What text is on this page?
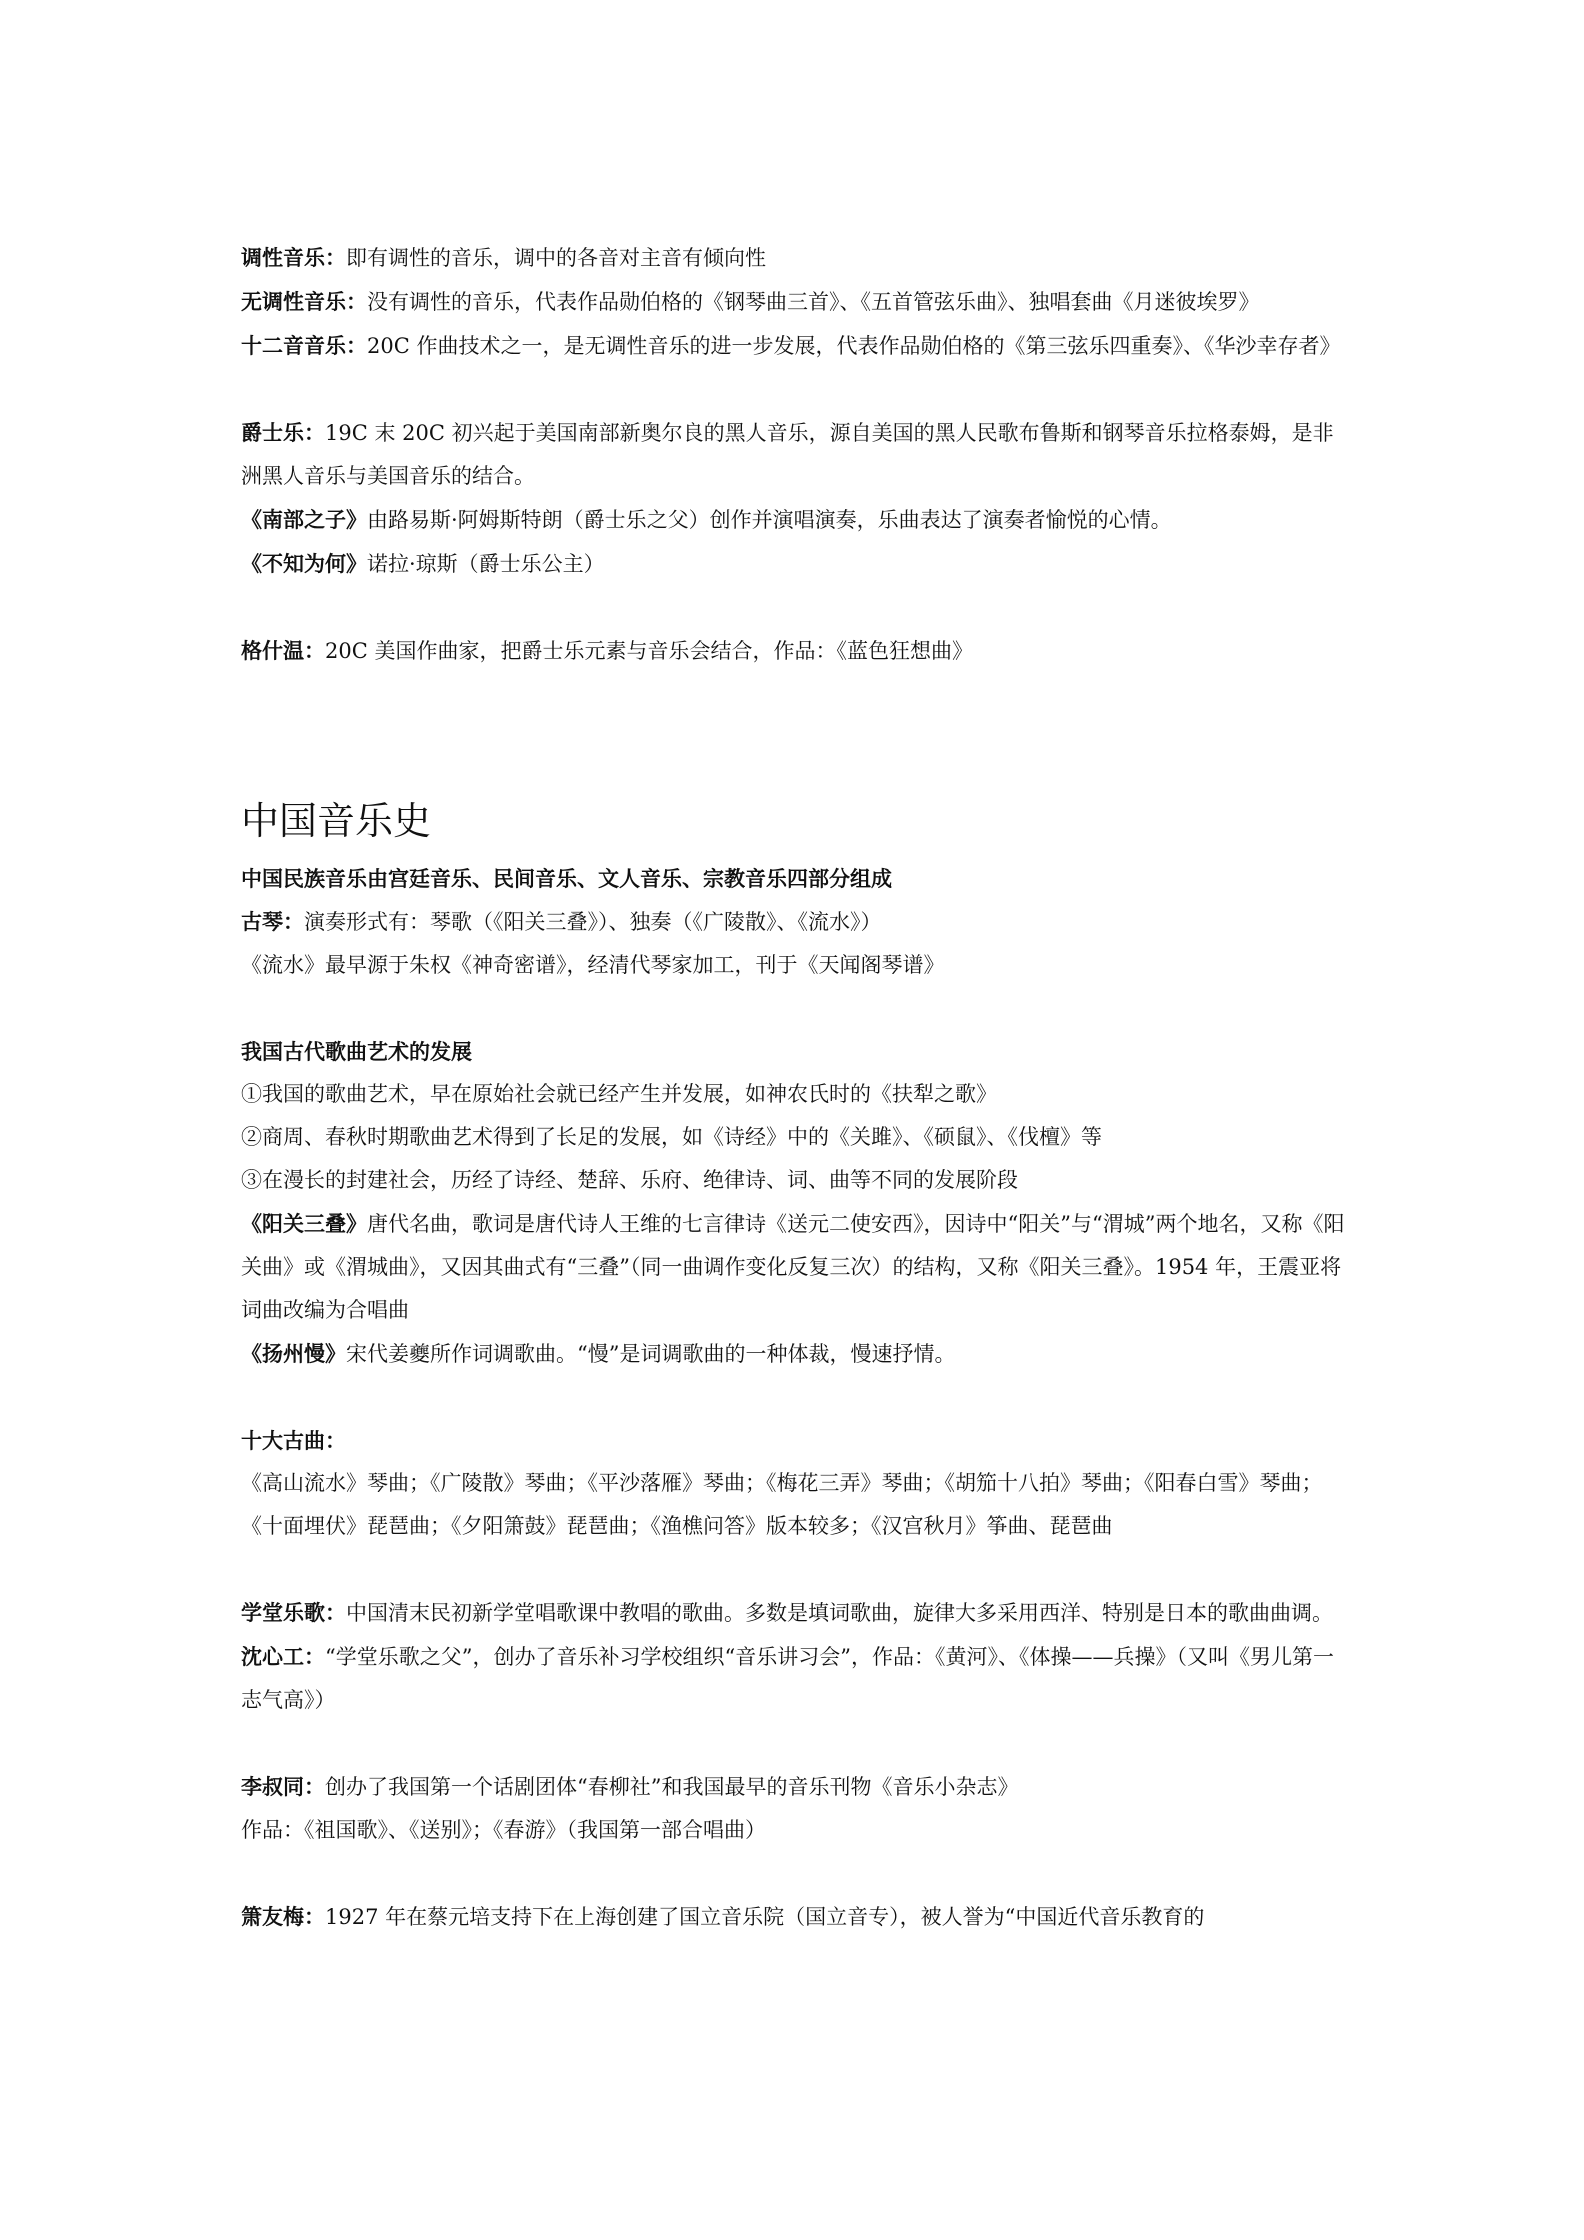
调性音乐：即有调性的音乐，调中的各音对主音有倾向性
无调性音乐：没有调性的音乐，代表作品勋伯格的《钢琴曲三首》、《五首管弦乐曲》、独唱套曲《月迷彼埃罗》
十二音音乐：20C 作曲技术之一，是无调性音乐的进一步发展，代表作品勋伯格的《第三弦乐四重奏》、《华沙幸存者》
爵士乐：19C 末 20C 初兴起于美国南部新奥尔良的黑人音乐，源自美国的黑人民歌布鲁斯和钢琴音乐拉格泰姆，是非洲黑人音乐与美国音乐的结合。
《南部之子》由路易斯·阿姆斯特朗（爵士乐之父）创作并演唱演奏，乐曲表达了演奏者愉悦的心情。
《不知为何》诺拉·琼斯（爵士乐公主）
格什温：20C 美国作曲家，把爵士乐元素与音乐会结合，作品：《蓝色狂想曲》
中国音乐史
中国民族音乐由宫廷音乐、民间音乐、文人音乐、宗教音乐四部分组成
古琴：演奏形式有：琴歌（《阳关三叠》）、独奏（《广陵散》、《流水》）
《流水》最早源于朱权《神奇密谱》，经清代琴家加工，刊于《天闻阁琴谱》
我国古代歌曲艺术的发展
①我国的歌曲艺术，早在原始社会就已经产生并发展，如神农氏时的《扶犁之歌》
②商周、春秋时期歌曲艺术得到了长足的发展，如《诗经》中的《关雎》、《硕鼠》、《伐檀》等
③在漫长的封建社会，历经了诗经、楚辞、乐府、绝律诗、词、曲等不同的发展阶段
《阳关三叠》唐代名曲，歌词是唐代诗人王维的七言律诗《送元二使安西》，因诗中“阳关”与“渭城”两个地名，又称《阳关曲》或《渭城曲》，又因其曲式有“三叠”（同一曲调作变化反复三次）的结构，又称《阳关三叠》。1954 年，王震亚将词曲改编为合唱曲
《扬州慢》宋代姜夔所作词调歌曲。“慢”是词调歌曲的一种体裁，慢速抒情。
十大古曲：
《高山流水》琴曲；《广陵散》琴曲；《平沙落雁》琴曲；《梅花三弄》琴曲；《胡笳十八拍》琴曲；《阳春白雪》琴曲；《十面埋伏》琵琶曲；《夕阳箫鼓》琵琶曲；《渔樵问答》版本较多；《汉宫秋月》筝曲、琵琶曲
学堂乐歌：中国清末民初新学堂唱歌课中教唱的歌曲。多数是填词歌曲，旋律大多采用西洋、特别是日本的歌曲曲调。
沈心工：“学堂乐歌之父”，创办了音乐补习学校组织“音乐讲习会”，作品：《黄河》、《体操——兵操》（又叫《男儿第一志气高》）
李叔同：创办了我国第一个话剧团体“春柳社”和我国最早的音乐刊物《音乐小杂志》
作品：《祖国歌》、《送别》；《春游》（我国第一部合唱曲）
箫友梅：1927 年在蔡元培支持下在上海创建了国立音乐院（国立音专），被人誉为“中国近代音乐教育的
